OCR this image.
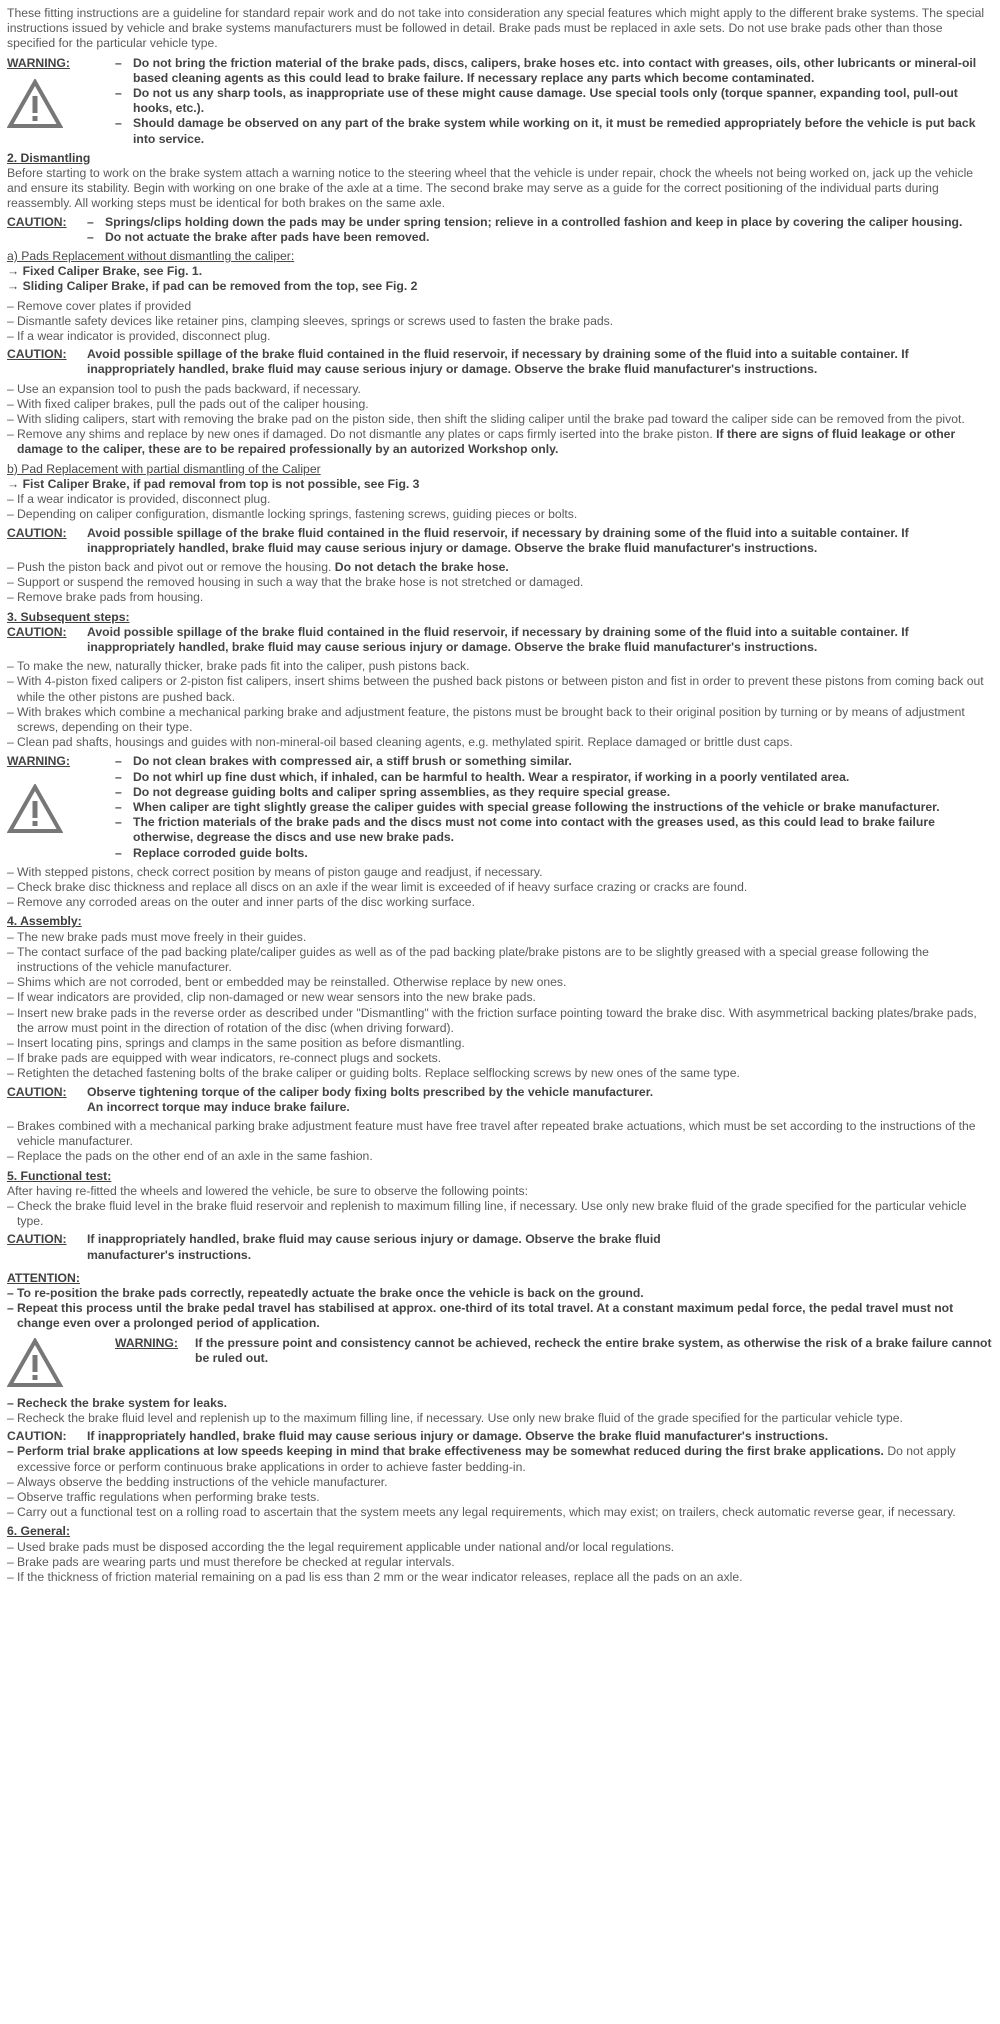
These fitting instructions are a guideline for standard repair work and do not take into consideration any special features which might apply to the different brake systems. The special instructions issued by vehicle and brake systems manufacturers must be followed in detail. Brake pads must be replaced in axle sets. Do not use brake pads other than those specified for the particular vehicle type.

WARNING:	– Do not bring the friction material of the brake pads, discs, calipers, brake hoses etc. into contact with greases, oils, other lubricants or mineral-oil based cleaning agents as this could lead to brake failure. If necessary replace any parts which become contaminated.
– Do not us any sharp tools, as inappropriate use of these might cause damage. Use special tools only (torque spanner, expanding tool, pull-out hooks, etc.).
– Should damage be observed on any part of the brake system while working on it, it must be remedied appropriately before the vehicle is put back into service.
2. Dismantling

Before starting to work on the brake system attach a warning notice to the steering wheel that the vehicle is under repair, chock the wheels not being worked on, jack up the vehicle and ensure its stability. Begin with working on one brake of the axle at a time. The second brake may serve as a guide for the correct positioning of the individual parts during reassembly. All working steps must be identical for both brakes on the same axle.

CAUTION:	– Springs/clips holding down the pads may be under spring tension; relieve in a controlled fashion and keep in place by covering the caliper housing.
– Do not actuate the brake after pads have been removed.
a) Pads Replacement without dismantling the caliper:
→ Fixed Caliper Brake, see Fig. 1.
→ Sliding Caliper Brake, if pad can be removed from the top, see Fig. 2
– Remove cover plates if provided
– Dismantle safety devices like retainer pins, clamping sleeves, springs or screws used to fasten the brake pads.
– If a wear indicator is provided, disconnect plug.
CAUTION:	Avoid possible spillage of the brake fluid contained in the fluid reservoir, if necessary by draining some of the fluid into a suitable container. If inappropriately handled, brake fluid may cause serious injury or damage. Observe the brake fluid manufacturer's instructions.
– Use an expansion tool to push the pads backward, if necessary.
– With fixed caliper brakes, pull the pads out of the caliper housing.
– With sliding calipers, start with removing the brake pad on the piston side, then shift the sliding caliper until the brake pad toward the caliper side can be removed from the pivot.
– Remove any shims and replace by new ones if damaged. Do not dismantle any plates or caps firmly iserted into the brake piston. If there are signs of fluid leakage or other damage to the caliper, these are to be repaired professionally by an autorized Workshop only.
b) Pad Replacement with partial dismantling of the Caliper
→ Fist Caliper Brake, if pad removal from top is not possible, see Fig. 3
– If a wear indicator is provided, disconnect plug.
– Depending on caliper configuration, dismantle locking springs, fastening screws, guiding pieces or bolts.
CAUTION:	Avoid possible spillage of the brake fluid contained in the fluid reservoir, if necessary by draining some of the fluid into a suitable container. If inappropriately handled, brake fluid may cause serious injury or damage. Observe the brake fluid manufacturer's instructions.
– Push the piston back and pivot out or remove the housing. Do not detach the brake hose.
– Support or suspend the removed housing in such a way that the brake hose is not stretched or damaged.
– Remove brake pads from housing.
3. Subsequent steps:
CAUTION:	Avoid possible spillage of the brake fluid contained in the fluid reservoir, if necessary by draining some of the fluid into a suitable container. If inappropriately handled, brake fluid may cause serious injury or damage. Observe the brake fluid manufacturer's instructions.
– To make the new, naturally thicker, brake pads fit into the caliper, push pistons back.
– With 4-piston fixed calipers or 2-piston fist calipers, insert shims between the pushed back pistons or between piston and fist in order to prevent these pistons from coming back out while the other pistons are pushed back.
– With brakes which combine a mechanical parking brake and adjustment feature, the pistons must be brought back to their original position by turning or by means of adjustment screws, depending on their type.
– Clean pad shafts, housings and guides with non-mineral-oil based cleaning agents, e.g. methylated spirit. Replace damaged or brittle dust caps.
WARNING:	– Do not clean brakes with compressed air, a stiff brush or something similar.
– Do not whirl up fine dust which, if inhaled, can be harmful to health. Wear a respirator, if working in a poorly ventilated area.
– Do not degrease guiding bolts and caliper spring assemblies, as they require special grease.
– When caliper are tight slightly grease the caliper guides with special grease following the instructions of the vehicle or brake manufacturer.
– The friction materials of the brake pads and the discs must not come into contact with the greases used, as this could lead to brake failure otherwise, degrease the discs and use new brake pads.
– Replace corroded guide bolts.
– With stepped pistons, check correct position by means of piston gauge and readjust, if necessary.
– Check brake disc thickness and replace all discs on an axle if the wear limit is exceeded of if heavy surface crazing or cracks are found.
– Remove any corroded areas on the outer and inner parts of the disc working surface.
4. Assembly:
– The new brake pads must move freely in their guides.
– The contact surface of the pad backing plate/caliper guides as well as of the pad backing plate/brake pistons are to be slightly greased with a special grease following the instructions of the vehicle manufacturer.
– Shims which are not corroded, bent or embedded may be reinstalled. Otherwise replace by new ones.
– If wear indicators are provided, clip non-damaged or new wear sensors into the new brake pads.
– Insert new brake pads in the reverse order as described under "Dismantling" with the friction surface pointing toward the brake disc. With asymmetrical backing plates/brake pads, the arrow must point in the direction of rotation of the disc (when driving forward).
– Insert locating pins, springs and clamps in the same position as before dismantling.
– If brake pads are equipped with wear indicators, re-connect plugs and sockets.
– Retighten the detached fastening bolts of the brake caliper or guiding bolts. Replace selflocking screws by new ones of the same type.
CAUTION:	Observe tightening torque of the caliper body fixing bolts prescribed by the vehicle manufacturer.
An incorrect torque may induce brake failure.
– Brakes combined with a mechanical parking brake adjustment feature must have free travel after repeated brake actuations, which must be set according to the instructions of the vehicle manufacturer.
– Replace the pads on the other end of an axle in the same fashion.
5. Functional test:

After having re-fitted the wheels and lowered the vehicle, be sure to observe the following points:

– Check the brake fluid level in the brake fluid reservoir and replenish to maximum filling line, if necessary. Use only new brake fluid of the grade specified for the particular vehicle type.
CAUTION:	If inappropriately handled, brake fluid may cause serious injury or damage. Observe the brake fluid
manufacturer's instructions.
ATTENTION:
– To re-position the brake pads correctly, repeatedly actuate the brake once the vehicle is back on the ground.
– Repeat this process until the brake pedal travel has stabilised at approx. one-third of its total travel. At a constant maximum pedal force, the pedal travel must not change even over a prolonged period of application.
WARNING:	If the pressure point and consistency cannot be achieved, recheck the entire brake system, as otherwise the risk of a brake failure cannot be ruled out.
– Recheck the brake system for leaks.
– Recheck the brake fluid level and replenish up to the maximum filling line, if necessary. Use only new brake fluid of the grade specified for the particular vehicle type.
CAUTION:	If inappropriately handled, brake fluid may cause serious injury or damage. Observe the brake fluid manufacturer's instructions.
– Perform trial brake applications at low speeds keeping in mind that brake effectiveness may be somewhat reduced during the first brake applications. Do not apply excessive force or perform continuous brake applications in order to achieve faster bedding-in.
– Always observe the bedding instructions of the vehicle manufacturer.
– Observe traffic regulations when performing brake tests.
– Carry out a functional test on a rolling road to ascertain that the system meets any legal requirements, which may exist; on trailers, check automatic reverse gear, if necessary.
6. General:
– Used brake pads must be disposed according the the legal requirement applicable under national and/or local regulations.
– Brake pads are wearing parts und must therefore be checked at regular intervals.
– If the thickness of friction material remaining on a pad lis ess than 2 mm or the wear indicator releases, replace all the pads on an axle.
